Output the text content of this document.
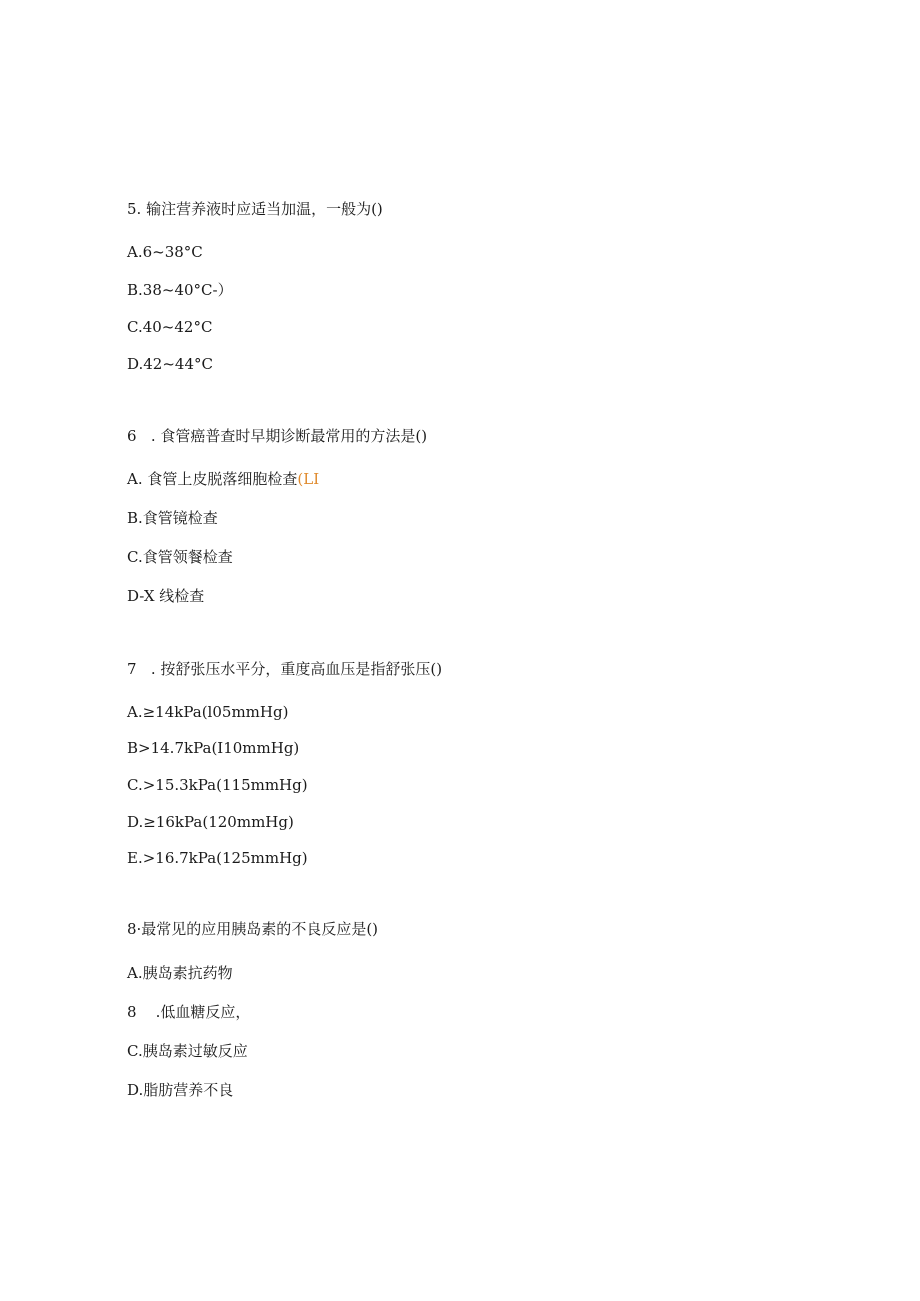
5. 输注营养液时应适当加温，一般为()
A.6~38°C
B.38~40°C-）
C.40~42°C
D.42~44°C
6   . 食管癌普查时早期诊断最常用的方法是()
A. 食管上皮脱落细胞检查(LI
B.食管镜检查
C.食管领餐检查
D-X 线检查
7   . 按舒张压水平分，重度高血压是指舒张压()
A.≥14kPa(l05mmHg)
B>14.7kPa(I10mmHg)
C.>15.3kPa(115mmHg)
D.≥16kPa(120mmHg)
E.>16.7kPa(125mmHg)
8·最常见的应用胰岛素的不良反应是()
A.胰岛素抗药物
8    .低血糖反应，
C.胰岛素过敏反应
D.脂肪营养不良
